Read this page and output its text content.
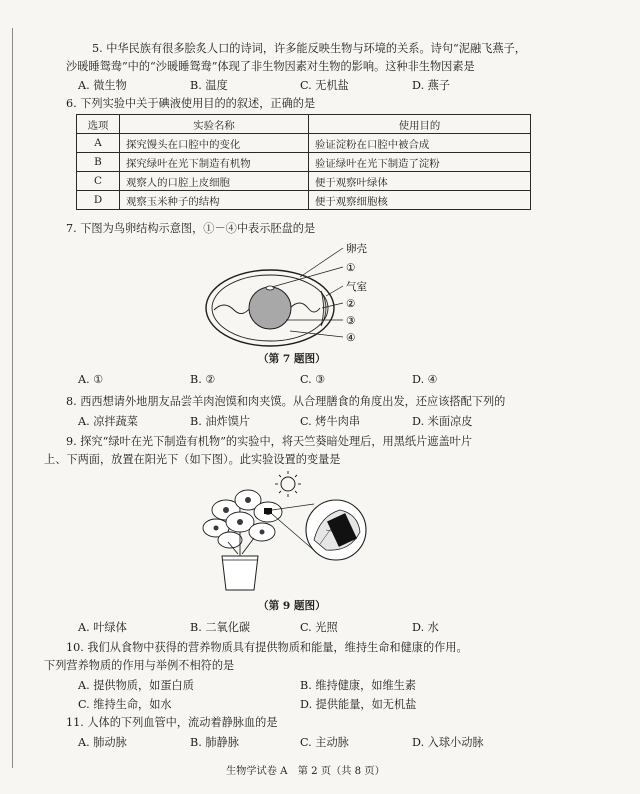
5. 中华民族有很多脍炙人口的诗词，许多能反映生物与环境的关系。诗句“泥融飞燕子，
沙暖睡鸳鸯”中的“沙暖睡鸳鸯”体现了非生物因素对生物的影响。这种非生物因素是
A. 微生物	B. 温度	C. 无机盐	D. 燕子
6. 下列实验中关于碘液使用目的的叙述，正确的是
选项	实验名称	使用目的
A	探究馒头在口腔中的变化	验证淀粉在口腔中被合成
B	探究绿叶在光下制造有机物	验证绿叶在光下制造了淀粉
C	观察人的口腔上皮细胞	便于观察叶绿体
D	观察玉米种子的结构	便于观察细胞核
7. 下图为鸟卵结构示意图，①－④中表示胚盘的是
卵壳
①
气室
②
③
④
（第 7 题图）
A. ①	B. ②	C. ③	D. ④
8. 西西想请外地朋友品尝羊肉泡馍和肉夹馍。从合理膳食的角度出发，还应该搭配下列的
A. 凉拌蔬菜	B. 油炸馍片	C. 烤牛肉串	D. 米面凉皮
9. 探究“绿叶在光下制造有机物”的实验中，将天竺葵暗处理后，用黑纸片遮盖叶片
上、下两面，放置在阳光下（如下图）。此实验设置的变量是
（第 9 题图）
A. 叶绿体	B. 二氧化碳	C. 光照	D. 水
10. 我们从食物中获得的营养物质具有提供物质和能量，维持生命和健康的作用。
下列营养物质的作用与举例不相符的是
A. 提供物质，如蛋白质	B. 维持健康，如维生素
C. 维持生命，如水	D. 提供能量，如无机盐
11. 人体的下列血管中，流动着静脉血的是
A. 肺动脉	B. 肺静脉	C. 主动脉	D. 入球小动脉
生物学试卷 A　第 2 页（共 8 页）
